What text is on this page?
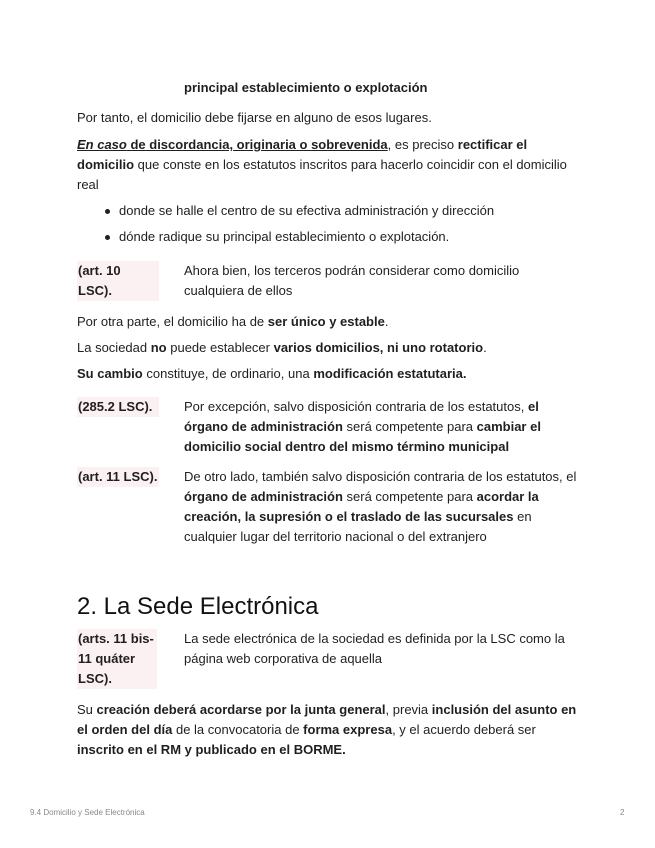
principal establecimiento o explotación

Por tanto, el domicilio debe fijarse en alguno de esos lugares.

En caso de discordancia, originaria o sobrevenida, es preciso rectificar el domicilio que conste en los estatutos inscritos para hacerlo coincidir con el domicilio real

donde se halle el centro de su efectiva administración y dirección
dónde radique su principal establecimiento o explotación.
(art. 10 LSC).
Ahora bien, los terceros podrán considerar como domicilio cualquiera de ellos

Por otra parte, el domicilio ha de ser único y estable.

La sociedad no puede establecer varios domicilios, ni uno rotatorio.

Su cambio constituye, de ordinario, una modificación estatutaria.

(285.2 LSC).	Por excepción, salvo disposición contraria de los estatutos, el órgano de administración será competente para cambiar el domicilio social dentro del mismo término municipal
(art. 11 LSC). De otro lado, también salvo disposición contraria de los estatutos, el órgano de administración será competente para acordar la creación, la supresión o el traslado de las sucursales en cualquier lugar del territorio nacional o del extranjero
2. La Sede Electrónica
(arts. 11 bis-11 quáter LSC).
La sede electrónica de la sociedad es definida por la LSC como la página web corporativa de aquella

Su creación deberá acordarse por la junta general, previa inclusión del asunto en el orden del día de la convocatoria de forma expresa, y el acuerdo deberá ser inscrito en el RM y publicado en el BORME.

9.4 Domicilio y Sede Electrónica	2
